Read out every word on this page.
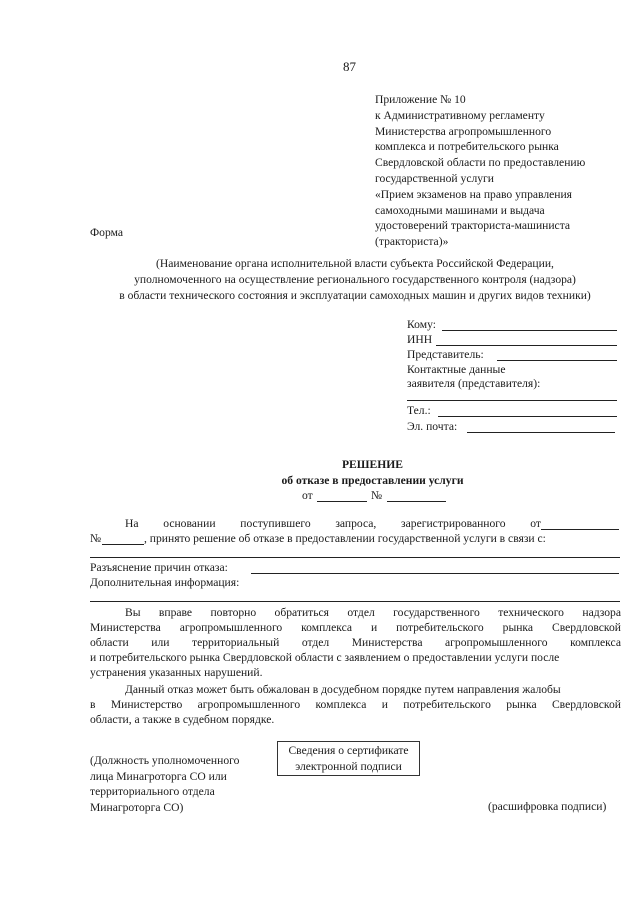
87
Приложение № 10
к Административному регламенту
Министерства агропромышленного
комплекса и потребительского рынка
Свердловской области по предоставлению
государственной услуги
«Прием экзаменов на право управления
самоходными машинами и выдача
удостоверений тракториста-машиниста
(тракториста)»
Форма
(Наименование органа исполнительной власти субъекта Российской Федерации,
уполномоченного на осуществление регионального государственного контроля (надзора)
в области технического состояния и эксплуатации самоходных машин и других видов техники)
Кому:
ИНН
Представитель:
Контактные данные
заявителя (представителя):
Тел.:
Эл. почта:
РЕШЕНИЕ
об отказе в предоставлении услуги
от	№
На основании поступившего запроса, зарегистрированного от
№	, принято решение об отказе в предоставлении государственной услуги в связи с:
Разъяснение причин отказа:
Дополнительная информация:
Вы вправе повторно обратиться отдел государственного технического надзора
Министерства агропромышленного комплекса и потребительского рынка Свердловской
области или территориальный отдел Министерства агропромышленного комплекса
и потребительского рынка Свердловской области с заявлением о предоставлении услуги после
устранения указанных нарушений.
Данный отказ может быть обжалован в досудебном порядке путем направления жалобы
в Министерство агропромышленного комплекса и потребительского рынка Свердловской
области, а также в судебном порядке.
(Должность уполномоченного
лица Минагроторга СО или
территориального отдела
Минагроторга СО)
Сведения о сертификате
электронной подписи
(расшифровка подписи)
